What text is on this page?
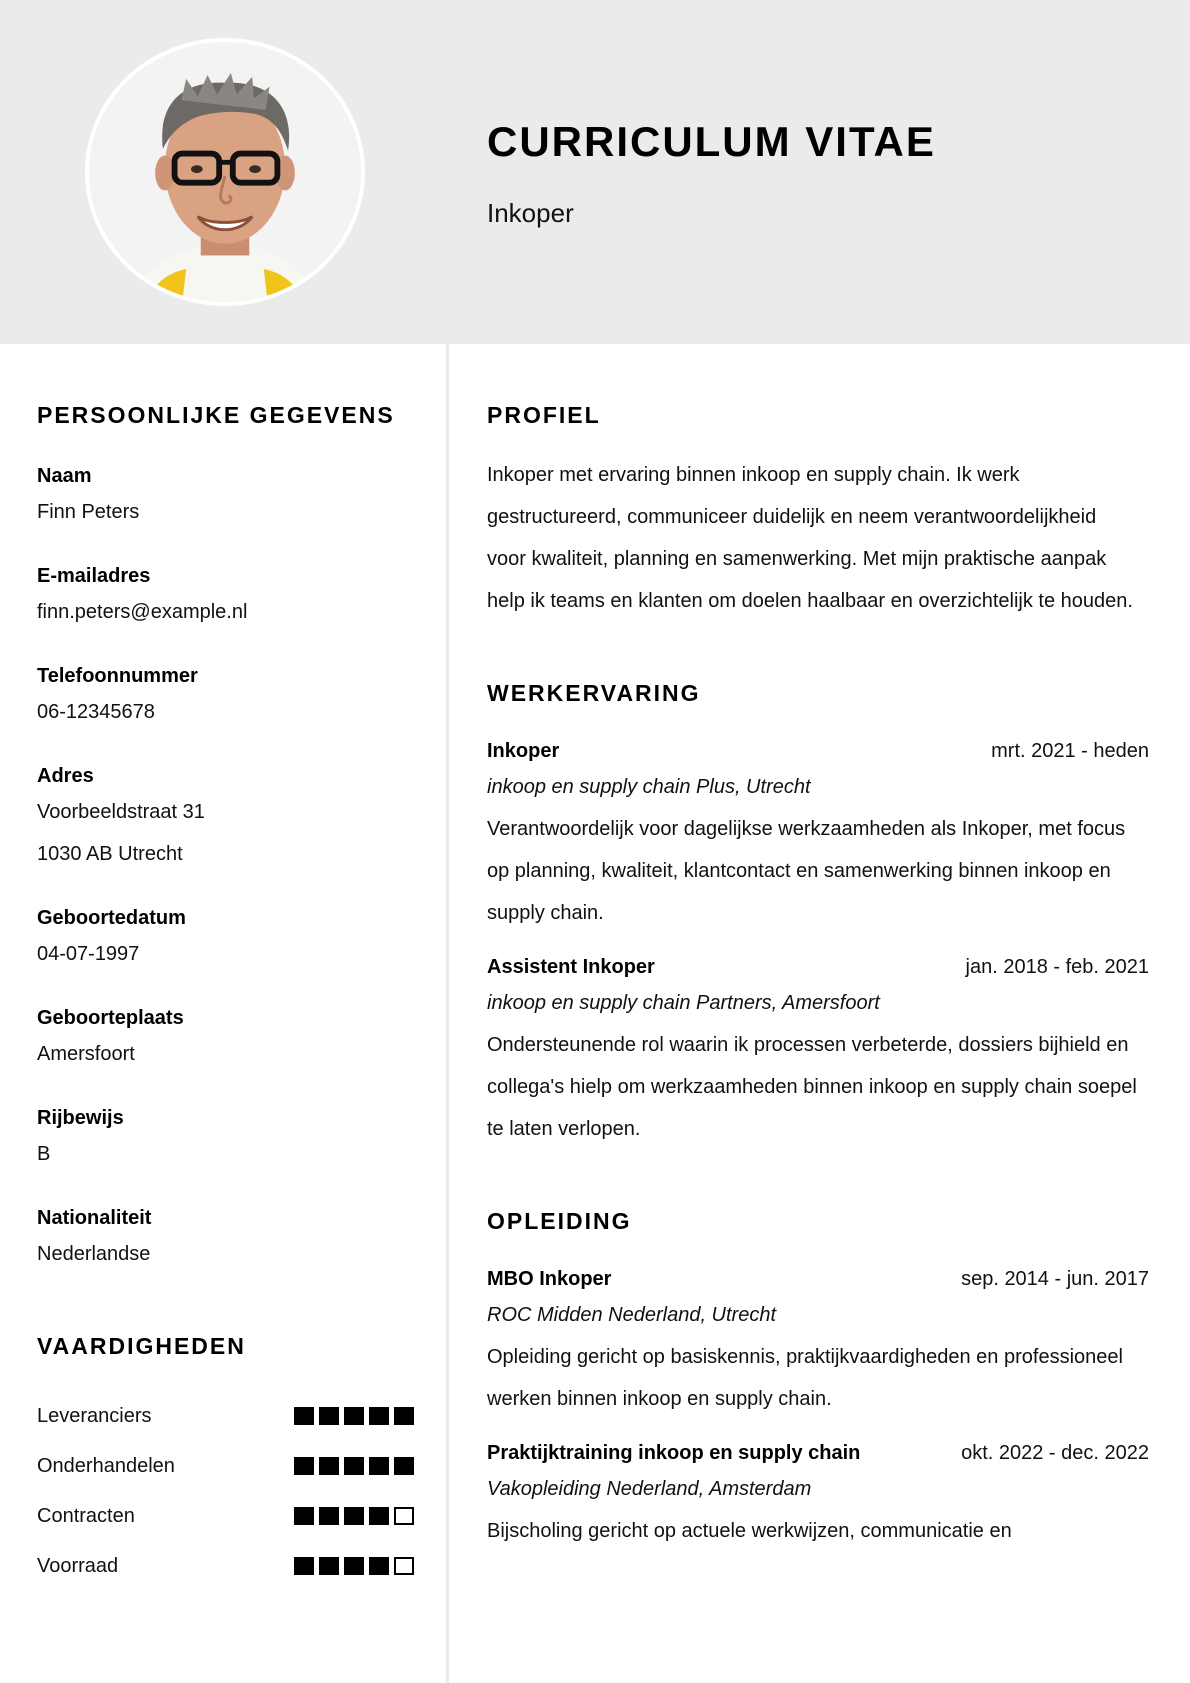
CURRICULUM VITAE
Inkoper
PERSOONLIJKE GEGEVENS
Naam
Finn Peters
E-mailadres
finn.peters@example.nl
Telefoonnummer
06-12345678
Adres
Voorbeeldstraat 31
1030 AB Utrecht
Geboortedatum
04-07-1997
Geboorteplaats
Amersfoort
Rijbewijs
B
Nationaliteit
Nederlandse
VAARDIGHEDEN
Leveranciers
Onderhandelen
Contracten
Voorraad
PROFIEL
Inkoper met ervaring binnen inkoop en supply chain. Ik werk
gestructureerd, communiceer duidelijk en neem verantwoordelijkheid
voor kwaliteit, planning en samenwerking. Met mijn praktische aanpak
help ik teams en klanten om doelen haalbaar en overzichtelijk te houden.
WERKERVARING
Inkoper	mrt. 2021 - heden
inkoop en supply chain Plus, Utrecht
Verantwoordelijk voor dagelijkse werkzaamheden als Inkoper, met focus
op planning, kwaliteit, klantcontact en samenwerking binnen inkoop en
supply chain.
Assistent Inkoper	jan. 2018 - feb. 2021
inkoop en supply chain Partners, Amersfoort
Ondersteunende rol waarin ik processen verbeterde, dossiers bijhield en
collega's hielp om werkzaamheden binnen inkoop en supply chain soepel
te laten verlopen.
OPLEIDING
MBO Inkoper	sep. 2014 - jun. 2017
ROC Midden Nederland, Utrecht
Opleiding gericht op basiskennis, praktijkvaardigheden en professioneel
werken binnen inkoop en supply chain.
Praktijktraining inkoop en supply chain	okt. 2022 - dec. 2022
Vakopleiding Nederland, Amsterdam
Bijscholing gericht op actuele werkwijzen, communicatie en
